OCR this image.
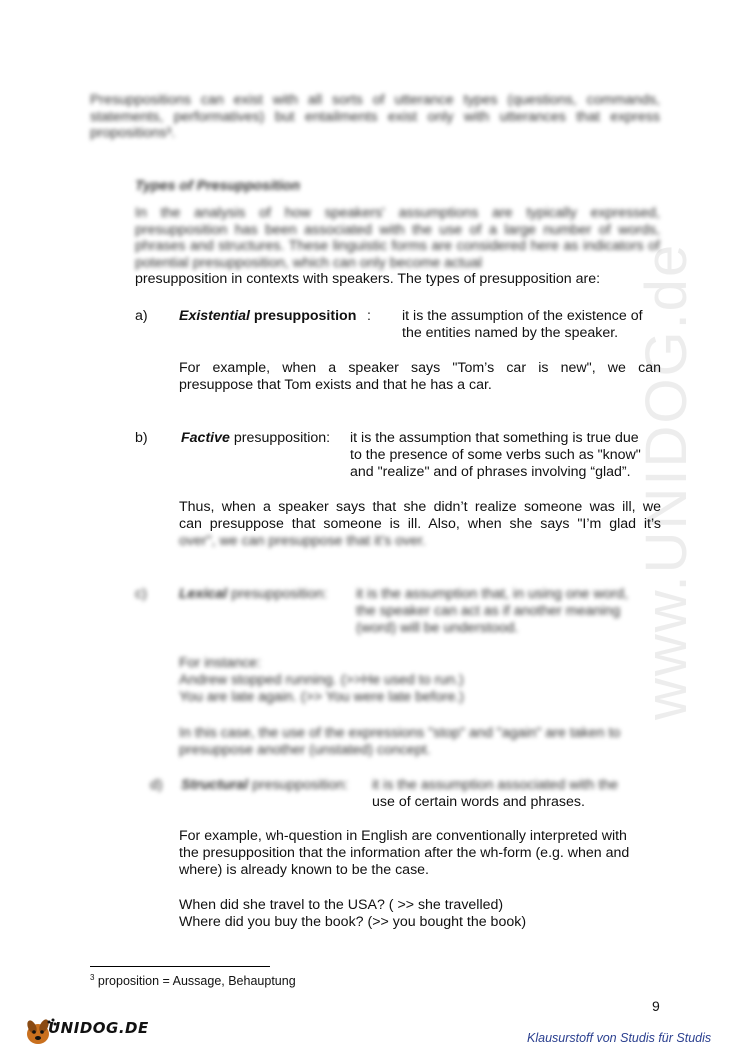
www.UNIDOG.de
Presuppositions can exist with all sorts of utterance types (questions, commands, statements, performatives) but entailments exist only with utterances that express propositions³.
Types of Presupposition
In the analysis of how speakers' assumptions are typically expressed, presupposition has been associated with the use of a large number of words, phrases and structures. These linguistic forms are considered here as indicators of potential presupposition, which can only become actual
presupposition in contexts with speakers. The types of presupposition are:
a) Existential presupposition : it is the assumption of the existence of
the entities named by the speaker.
For example, when a speaker says "Tom’s car is new", we can
presuppose that Tom exists and that he has a car.
b) Factive presupposition: it is the assumption that something is true due
to the presence of some verbs such as "know"
and "realize" and of phrases involving “glad”.
Thus, when a speaker says that she didn’t realize someone was ill, we
can presuppose that someone is ill. Also, when she says "I’m glad it’s
over", we can presuppose that it’s over.
c) Lexical presupposition: it is the assumption that, in using one word,
the speaker can act as if another meaning
(word) will be understood.
For instance:
Andrew stopped running. (>>He used to run.)
You are late again. (>> You were late before.)
In this case, the use of the expressions "stop" and "again" are taken to
presuppose another (unstated) concept.
d) Structural presupposition: it is the assumption associated with the
use of certain words and phrases.
For example, wh-question in English are conventionally interpreted with
the presupposition that the information after the wh-form (e.g. when and
where) is already known to be the case.
When did she travel to the USA? ( >> she travelled)
Where did you buy the book? (>> you bought the book)
$^3$ proposition = Aussage, Behauptung
9
UNIDOG.DE
Klausurstoff von Studis für Studis
